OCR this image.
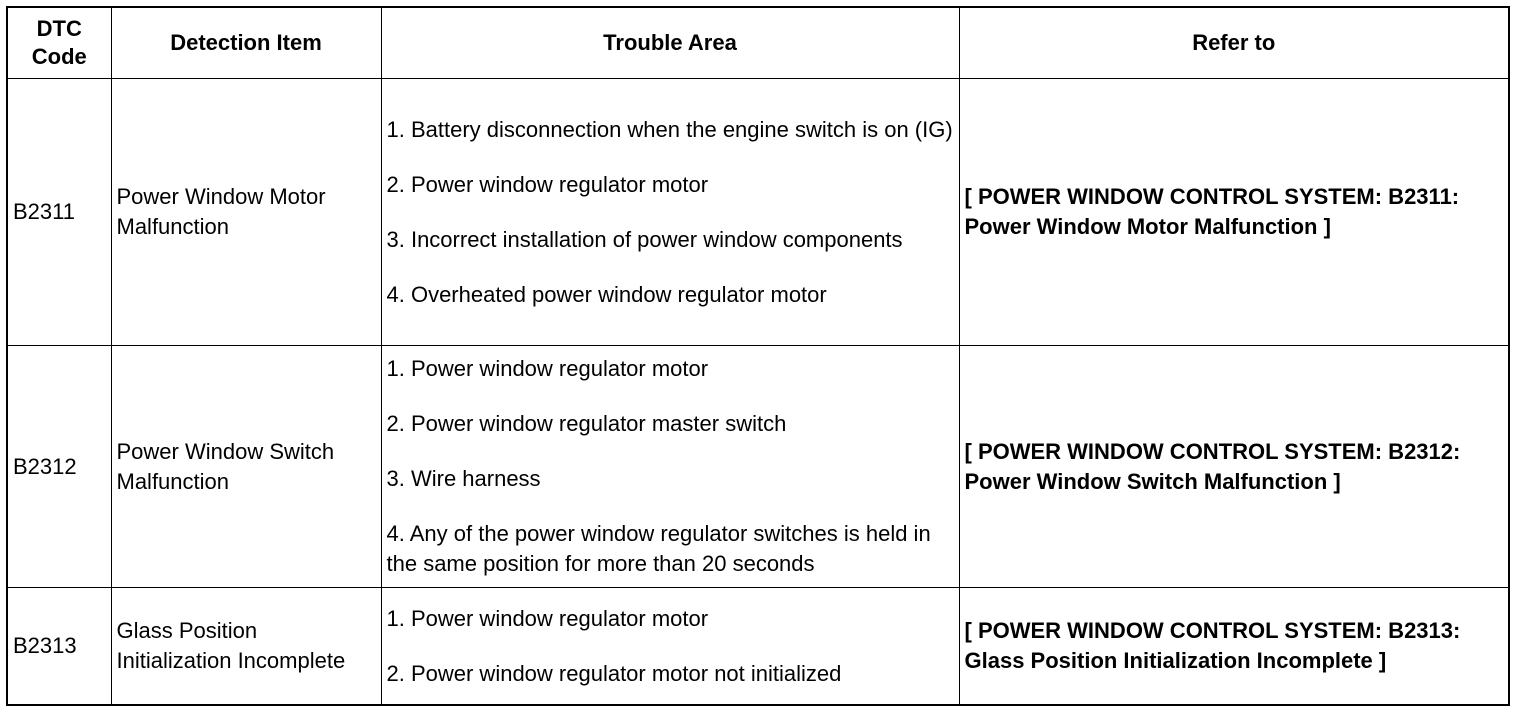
DTC
Code	Detection Item	Trouble Area	Refer to
B2311	Power Window Motor Malfunction	1. Battery disconnection when the engine switch is on (IG)
2. Power window regulator motor
3. Incorrect installation of power window components
4. Overheated power window regulator motor	[ POWER WINDOW CONTROL SYSTEM: B2311: Power Window Motor Malfunction ]
B2312	Power Window Switch Malfunction	1. Power window regulator motor
2. Power window regulator master switch
3. Wire harness
4. Any of the power window regulator switches is held in the same position for more than 20 seconds	[ POWER WINDOW CONTROL SYSTEM: B2312: Power Window Switch Malfunction ]
B2313	Glass Position Initialization Incomplete	1. Power window regulator motor
2. Power window regulator motor not initialized	[ POWER WINDOW CONTROL SYSTEM: B2313: Glass Position Initialization Incomplete ]
